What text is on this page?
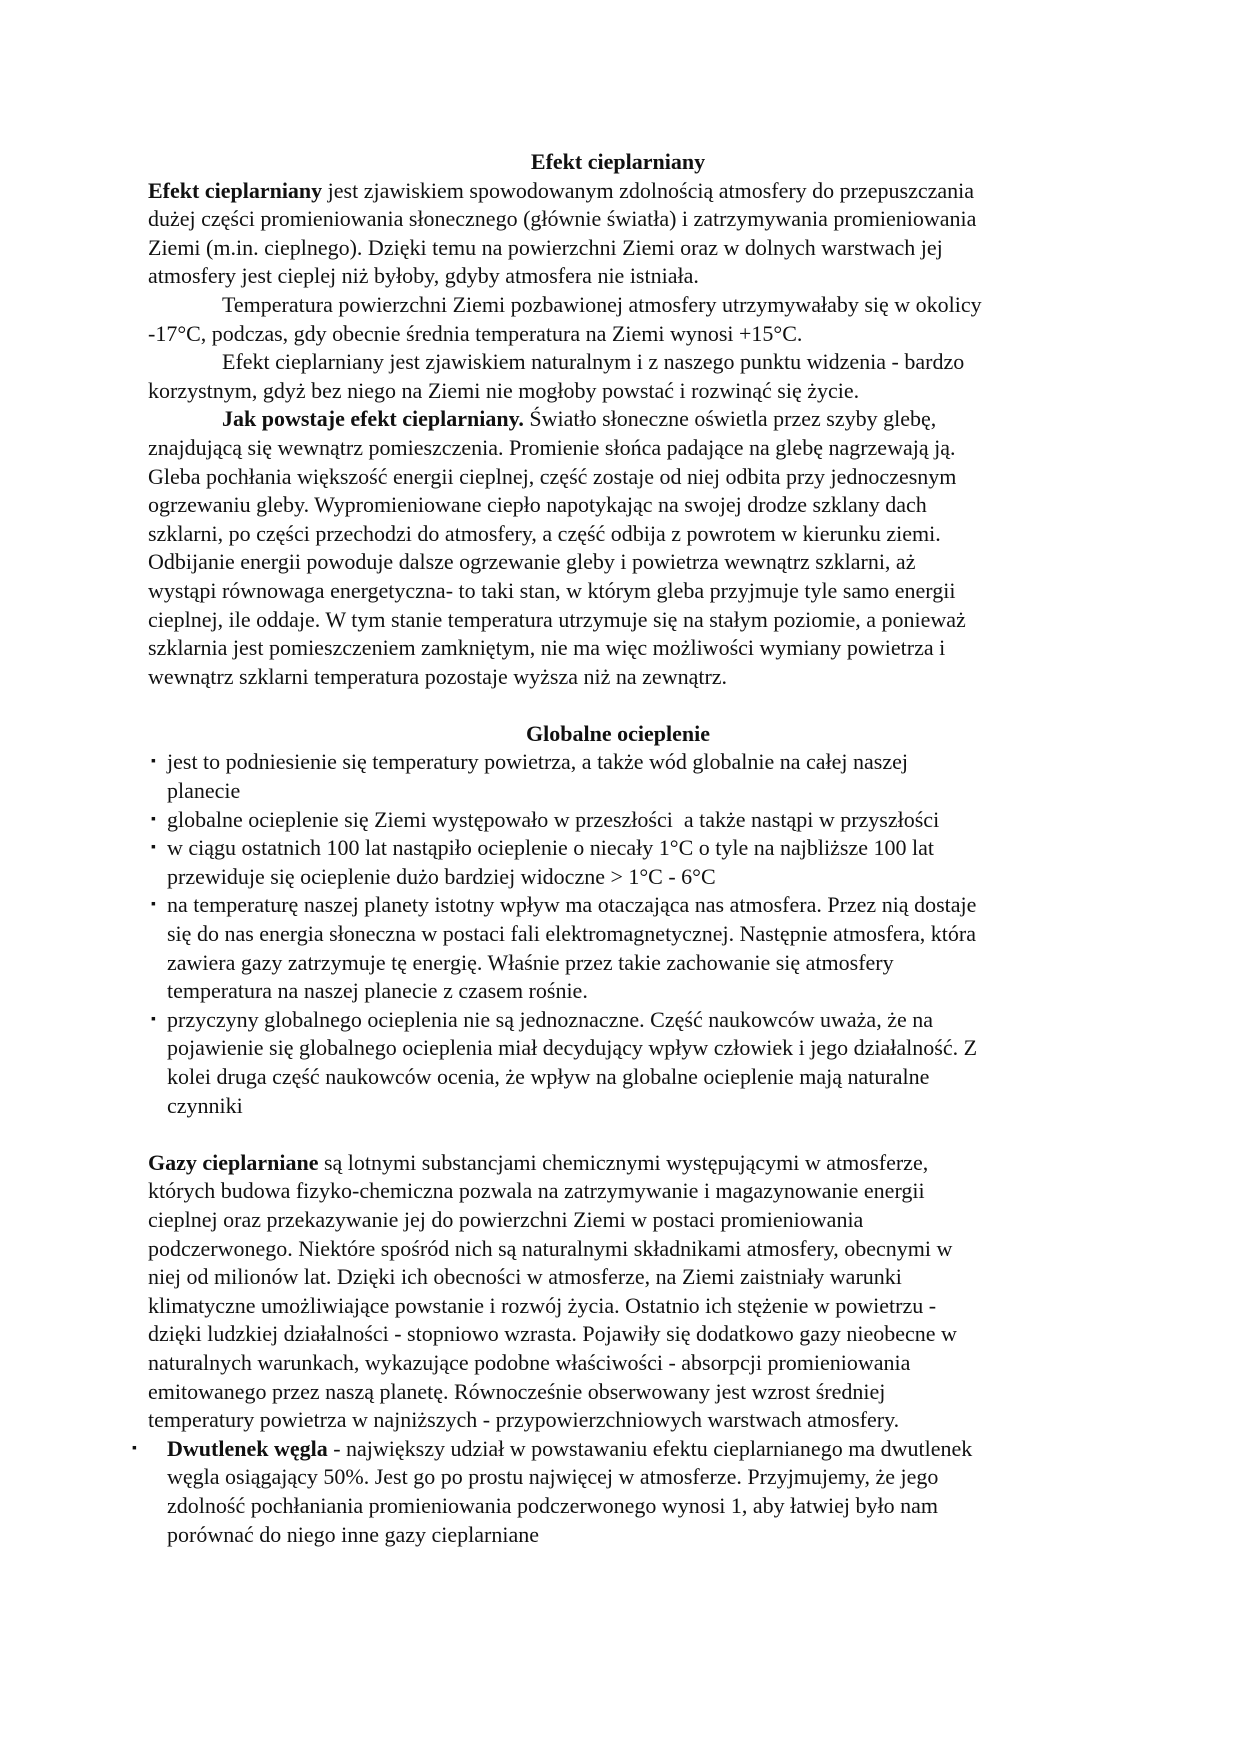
Efekt cieplarniany
Efekt cieplarniany jest zjawiskiem spowodowanym zdolnością atmosfery do przepuszczania
dużej części promieniowania słonecznego (głównie światła) i zatrzymywania promieniowania
Ziemi (m.in. cieplnego). Dzięki temu na powierzchni Ziemi oraz w dolnych warstwach jej
atmosfery jest cieplej niż byłoby, gdyby atmosfera nie istniała.
Temperatura powierzchni Ziemi pozbawionej atmosfery utrzymywałaby się w okolicy
-17°C, podczas, gdy obecnie średnia temperatura na Ziemi wynosi +15°C.
Efekt cieplarniany jest zjawiskiem naturalnym i z naszego punktu widzenia - bardzo
korzystnym, gdyż bez niego na Ziemi nie mogłoby powstać i rozwinąć się życie.
Jak powstaje efekt cieplarniany. Światło słoneczne oświetla przez szyby glebę,
znajdującą się wewnątrz pomieszczenia. Promienie słońca padające na glebę nagrzewają ją.
Gleba pochłania większość energii cieplnej, część zostaje od niej odbita przy jednoczesnym
ogrzewaniu gleby. Wypromieniowane ciepło napotykając na swojej drodze szklany dach
szklarni, po części przechodzi do atmosfery, a część odbija z powrotem w kierunku ziemi.
Odbijanie energii powoduje dalsze ogrzewanie gleby i powietrza wewnątrz szklarni, aż
wystąpi równowaga energetyczna- to taki stan, w którym gleba przyjmuje tyle samo energii
cieplnej, ile oddaje. W tym stanie temperatura utrzymuje się na stałym poziomie, a ponieważ
szklarnia jest pomieszczeniem zamkniętym, nie ma więc możliwości wymiany powietrza i
wewnątrz szklarni temperatura pozostaje wyższa niż na zewnątrz.
Globalne ocieplenie
▪ jest to podniesienie się temperatury powietrza, a także wód globalnie na całej naszej
planecie
▪ globalne ocieplenie się Ziemi występowało w przeszłości  a także nastąpi w przyszłości
▪ w ciągu ostatnich 100 lat nastąpiło ocieplenie o niecały 1°C o tyle na najbliższe 100 lat
przewiduje się ocieplenie dużo bardziej widoczne > 1°C - 6°C
▪ na temperaturę naszej planety istotny wpływ ma otaczająca nas atmosfera. Przez nią dostaje
się do nas energia słoneczna w postaci fali elektromagnetycznej. Następnie atmosfera, która
zawiera gazy zatrzymuje tę energię. Właśnie przez takie zachowanie się atmosfery
temperatura na naszej planecie z czasem rośnie.
▪ przyczyny globalnego ocieplenia nie są jednoznaczne. Część naukowców uważa, że na
pojawienie się globalnego ocieplenia miał decydujący wpływ człowiek i jego działalność. Z
kolei druga część naukowców ocenia, że wpływ na globalne ocieplenie mają naturalne
czynniki
Gazy cieplarniane są lotnymi substancjami chemicznymi występującymi w atmosferze,
których budowa fizyko-chemiczna pozwala na zatrzymywanie i magazynowanie energii
cieplnej oraz przekazywanie jej do powierzchni Ziemi w postaci promieniowania
podczerwonego. Niektóre spośród nich są naturalnymi składnikami atmosfery, obecnymi w
niej od milionów lat. Dzięki ich obecności w atmosferze, na Ziemi zaistniały warunki
klimatyczne umożliwiające powstanie i rozwój życia. Ostatnio ich stężenie w powietrzu -
dzięki ludzkiej działalności - stopniowo wzrasta. Pojawiły się dodatkowo gazy nieobecne w
naturalnych warunkach, wykazujące podobne właściwości - absorpcji promieniowania
emitowanego przez naszą planetę. Równocześnie obserwowany jest wzrost średniej
temperatury powietrza w najniższych - przypowierzchniowych warstwach atmosfery.
▪ Dwutlenek węgla - największy udział w powstawaniu efektu cieplarnianego ma dwutlenek
węgla osiągający 50%. Jest go po prostu najwięcej w atmosferze. Przyjmujemy, że jego
zdolność pochłaniania promieniowania podczerwonego wynosi 1, aby łatwiej było nam
porównać do niego inne gazy cieplarniane
